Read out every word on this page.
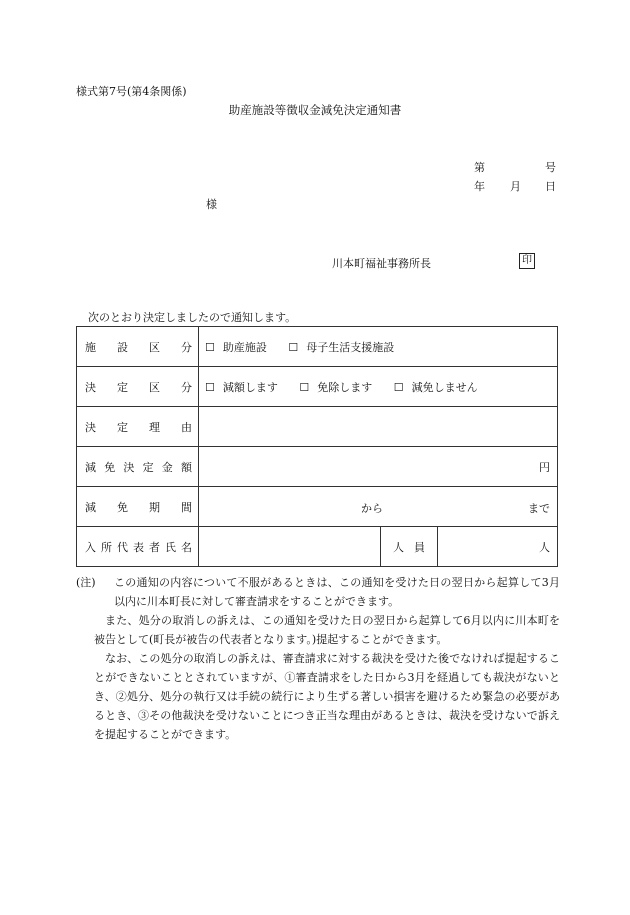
様式第7号(第4条関係)
助産施設等徴収金減免決定通知書
第	号
年 月 日
様
川本町福祉事務所長	印
次のとおり決定しましたので通知します。
施設区分	☐ 助産施設 ☐ 母子生活支援施設		
決定区分	☐ 減額します ☐ 免除します ☐ 減免しません		
決定理由			
減免決定金額	円		
減免期間	から まで		

入所代表者氏名		人員	人
(注)	この通知の内容について不服があるときは、この通知を受けた日の翌日から起算して3月以内に川本町長に対して審査請求をすることができます。

また、処分の取消しの訴えは、この通知を受けた日の翌日から起算して6月以内に川本町を被告として(町長が被告の代表者となります。)提起することができます。

なお、この処分の取消しの訴えは、審査請求に対する裁決を受けた後でなければ提起することができないこととされていますが、①審査請求をした日から3月を経過しても裁決がないとき、②処分、処分の執行又は手続の続行により生ずる著しい損害を避けるため緊急の必要があるとき、③その他裁決を受けないことにつき正当な理由があるときは、裁決を受けないで訴えを提起することができます。
